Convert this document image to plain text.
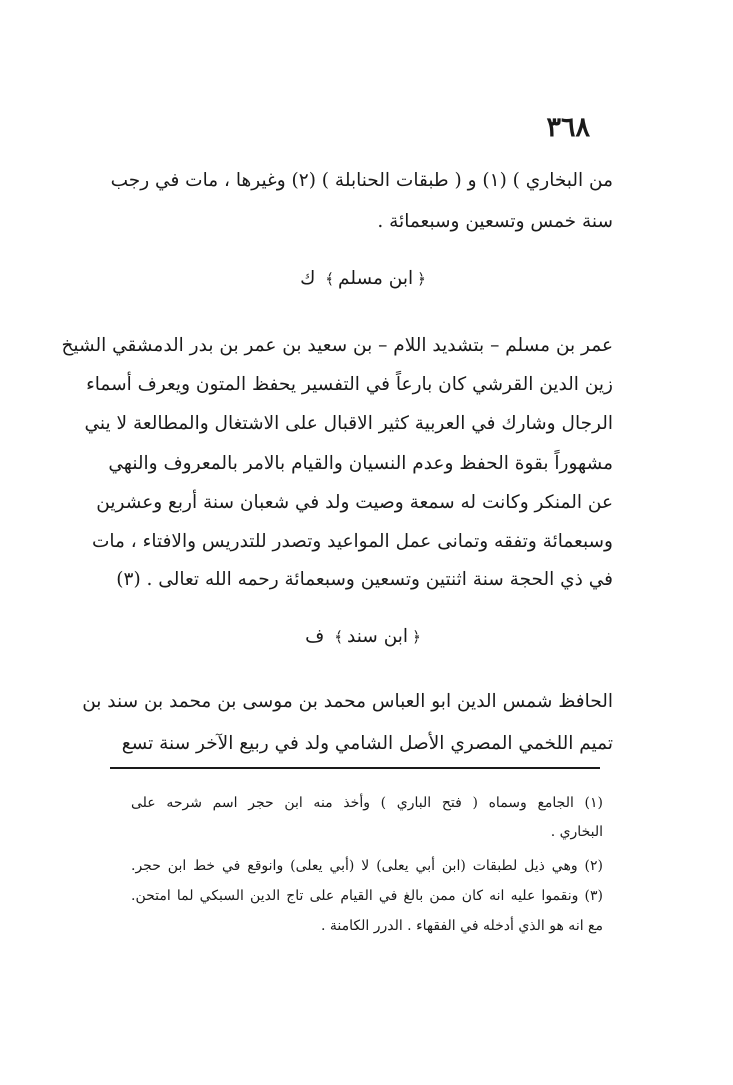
٣٦٨
من البخاري ) (١) و ( طبقات الحنابلة ) (٢) وغيرها ، مات في رجب
سنة خمس وتسعين وسبعمائة .
﴿ابن مسلم﴾ ك
عمر بن مسلم – بتشديد اللام – بن سعيد بن عمر بن بدر الدمشقي الشيخ
زين الدين القرشي كان بارعاً في التفسير يحفظ المتون ويعرف أسماء
الرجال وشارك في العربية كثير الاقبال على الاشتغال والمطالعة لا يني
مشهوراً بقوة الحفظ وعدم النسيان والقيام بالامر بالمعروف والنهي
عن المنكر وكانت له سمعة وصيت ولد في شعبان سنة أربع وعشرين
وسبعمائة وتفقه وتمانى عمل المواعيد وتصدر للتدريس والافتاء ، مات
في ذي الحجة سنة اثنتين وتسعين وسبعمائة رحمه الله تعالى . (٣)
﴿ابن سند﴾ ف
الحافظ شمس الدين ابو العباس محمد بن موسى بن محمد بن سند بن
تميم اللخمي المصري الأصل الشامي ولد في ربيع الآخر سنة تسع
(١) الجامع وسماه ( فتح الباري ) وأخذ منه ابن حجر اسم شرحه على
البخاري .
(٢) وهي ذيل لطبقات (ابن أبي يعلى) لا (أبي يعلى) وانوقع في خط ابن حجر.
(٣) ونقموا عليه انه كان ممن بالغ في القيام على تاج الدين السبكي لما امتحن.
مع انه هو الذي أدخله في الفقهاء . الدرر الكامنة .
